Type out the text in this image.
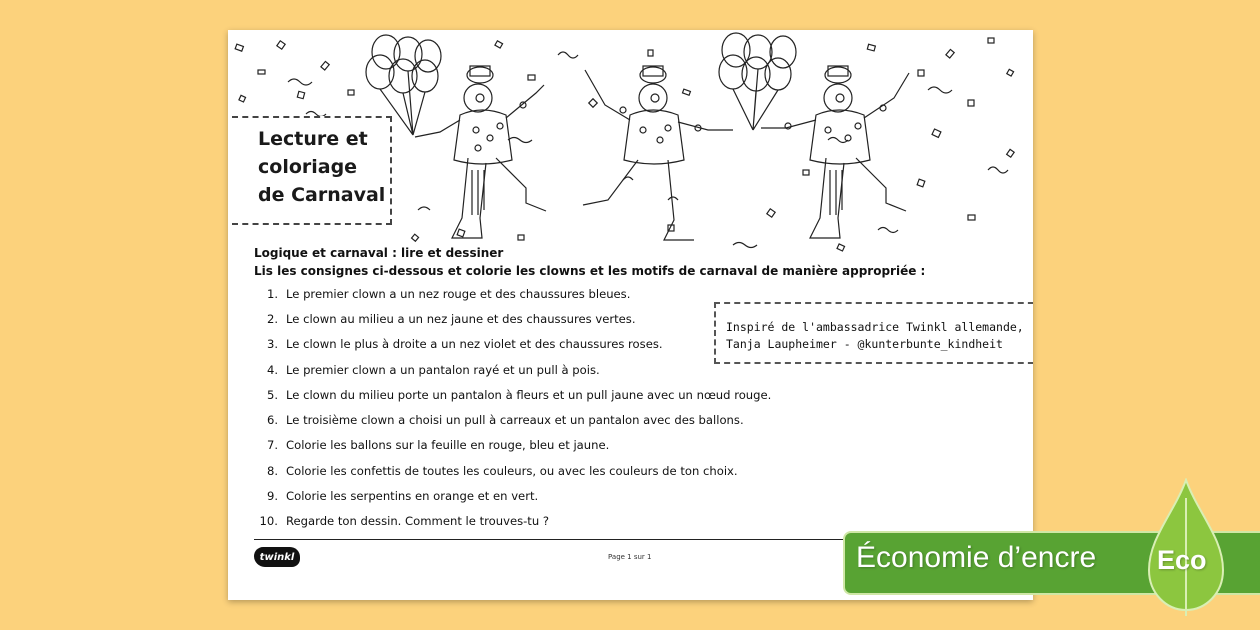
Lecture et
coloriage
de Carnaval
Logique et carnaval : lire et dessiner
Lis les consignes ci-dessous et colorie les clowns et les motifs de carnaval de manière appropriée :
1. Le premier clown a un nez rouge et des chaussures bleues.
2. Le clown au milieu a un nez jaune et des chaussures vertes.
3. Le clown le plus à droite a un nez violet et des chaussures roses.
4. Le premier clown a un pantalon rayé et un pull à pois.
5. Le clown du milieu porte un pantalon à fleurs et un pull jaune avec un nœud rouge.
6. Le troisième clown a choisi un pull à carreaux et un pantalon avec des ballons.
7. Colorie les ballons sur la feuille en rouge, bleu et jaune.
8. Colorie les confettis de toutes les couleurs, ou avec les couleurs de ton choix.
9. Colorie les serpentins en orange et en vert.
10. Regarde ton dessin. Comment le trouves-tu ?

Inspiré de l'ambassadrice Twinkl allemande,
Tanja Laupheimer - @kunterbunte_kindheit

twinkl	Page 1 sur 1	Économie d’encre Eco
